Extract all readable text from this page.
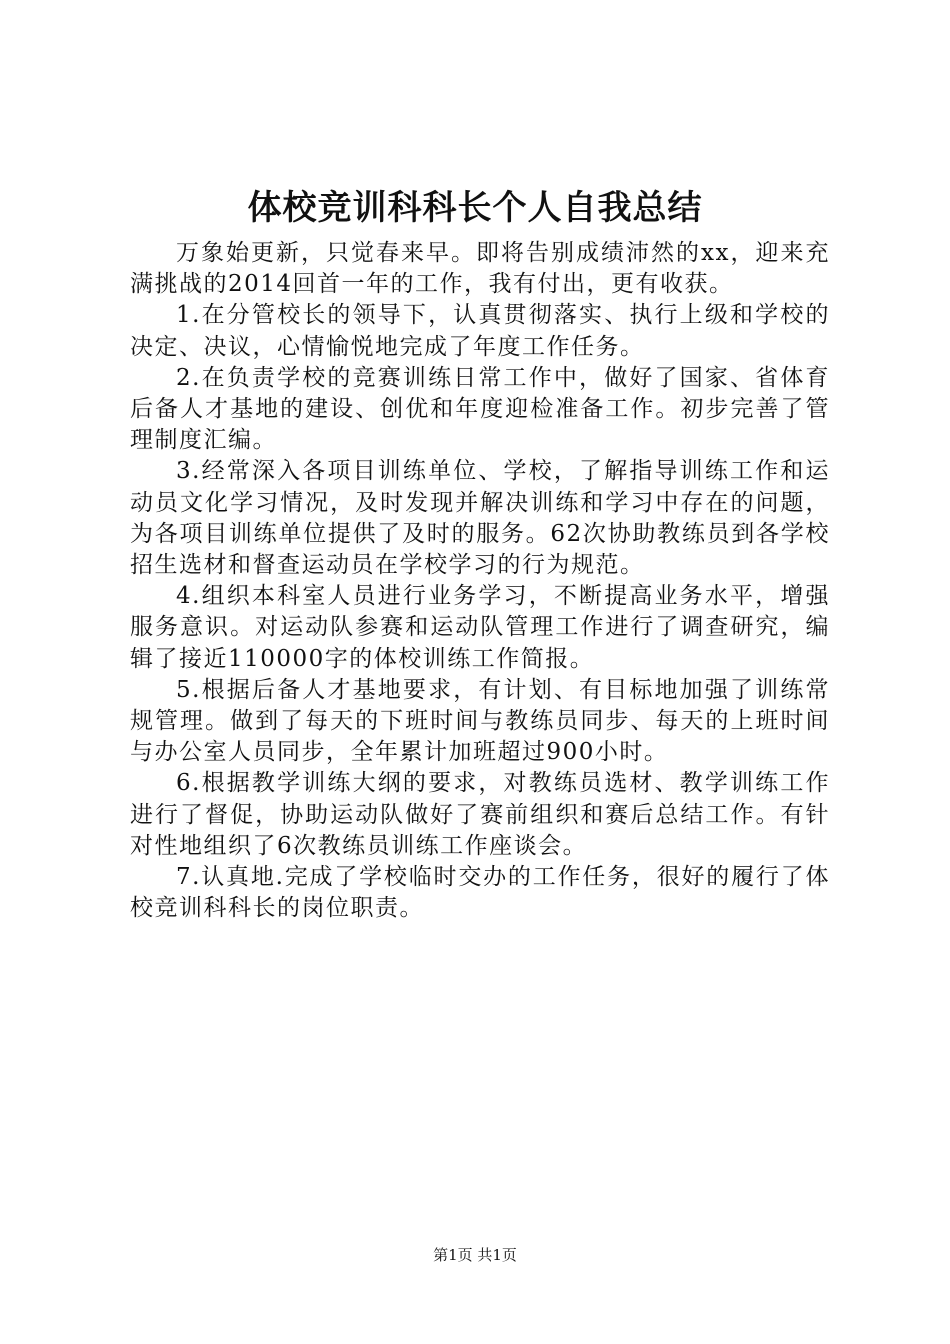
体校竞训科科长个人自我总结

万象始更新，只觉春来早。即将告别成绩沛然的xx，迎来充满挑战的2014回首一年的工作，我有付出，更有收获。

1.在分管校长的领导下，认真贯彻落实、执行上级和学校的决定、决议，心情愉悦地完成了年度工作任务。

2.在负责学校的竞赛训练日常工作中，做好了国家、省体育后备人才基地的建设、创优和年度迎检准备工作。初步完善了管理制度汇编。

3.经常深入各项目训练单位、学校，了解指导训练工作和运动员文化学习情况，及时发现并解决训练和学习中存在的问题，为各项目训练单位提供了及时的服务。62次协助教练员到各学校招生选材和督查运动员在学校学习的行为规范。

4.组织本科室人员进行业务学习，不断提高业务水平，增强服务意识。对运动队参赛和运动队管理工作进行了调查研究，编辑了接近110000字的体校训练工作简报。

5.根据后备人才基地要求，有计划、有目标地加强了训练常规管理。做到了每天的下班时间与教练员同步、每天的上班时间与办公室人员同步，全年累计加班超过900小时。

6.根据教学训练大纲的要求，对教练员选材、教学训练工作进行了督促，协助运动队做好了赛前组织和赛后总结工作。有针对性地组织了6次教练员训练工作座谈会。

7.认真地.完成了学校临时交办的工作任务，很好的履行了体校竞训科科长的岗位职责。

第1页 共1页
